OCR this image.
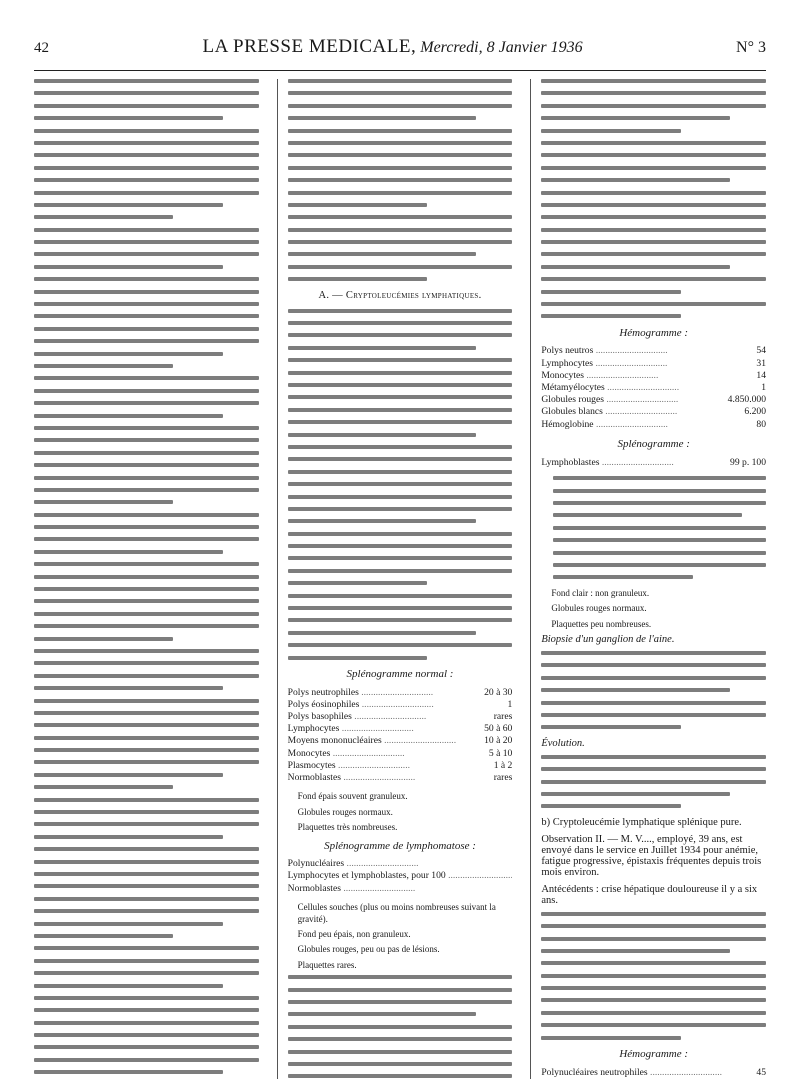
42	LA PRESSE MEDICALE, Mercredi, 8 Janvier 1936	N° 3
A. — Cryptoleucémies lymphatiques.
Splénogramme normal :
Polys neutrophiles .....	20 à 30
Polys éosinophiles .....	1
Polys basophiles .....	rares
Lymphocytes .....	50 à 60
Moyens mononucléaires .....	10 à 20
Monocytes .....	5 à 10
Plasmocytes .....	1 à 2
Normoblastes .....	rares
Fond épais souvent granuleux.
Globules rouges normaux.
Plaquettes très nombreuses.
Splénogramme de lymphomatose :
Polynucléaires .....	
Lymphocytes et lymphoblastes, pour 100 .....	
Normoblastes .....	
Cellules souches (plus ou moins nombreuses suivant la gravité).
Fond peu épais, non granuleux.
Globules rouges, peu ou pas de lésions.
Plaquettes rares.
Hémogramme :
Polys neutros .....	54
Lymphocytes .....	31
Monocytes .....	14
Métamyélocytes .....	1
Globules rouges .....	4.850.000
Globules blancs .....	6.200
Hémoglobine .....	80
Splénogramme :
Lymphoblastes .....	99 p. 100
Fond clair : non granuleux.
Globules rouges normaux.
Plaquettes peu nombreuses.
Biopsie d'un ganglion de l'aine.
Évolution.
b) Cryptoleucémie lymphatique splénique pure.
Observation II. — M. V...., employé, 39 ans, est envoyé dans le service en Juillet 1934 pour anémie, fatigue progressive, épistaxis fréquentes depuis trois mois environ.
Antécédents : crise hépatique douloureuse il y a six ans.
Hémogramme :
Polynucléaires neutrophiles .....	45
.....	
